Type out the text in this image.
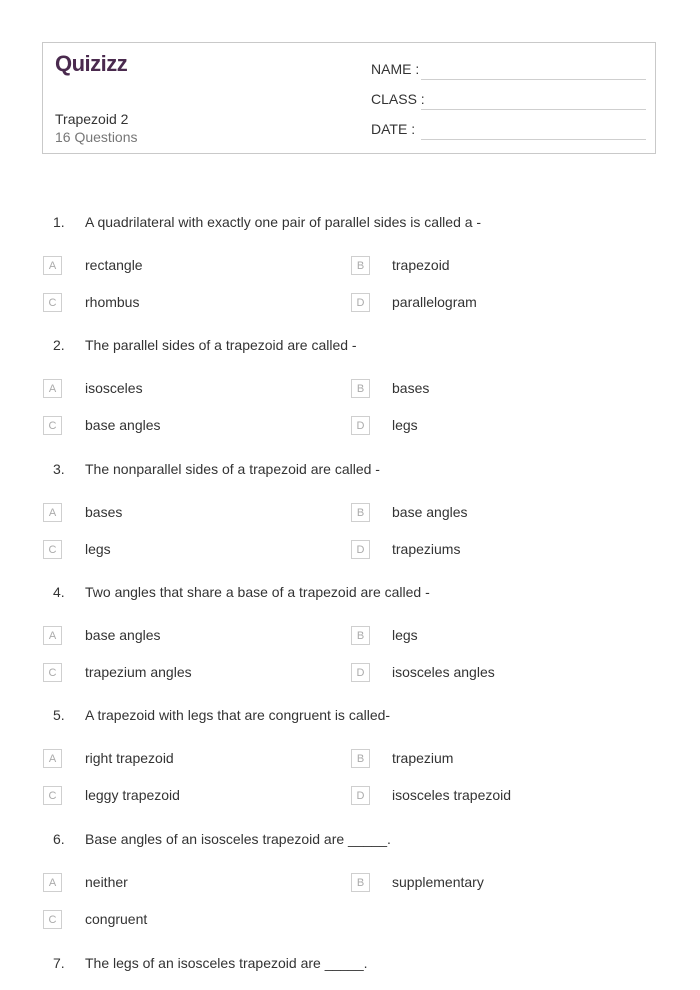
Quizizz
Trapezoid 2
16 Questions
NAME :
CLASS :
DATE :
1. A quadrilateral with exactly one pair of parallel sides is called a -
A	rectangle	B	trapezoid
C	rhombus	D	parallelogram
2. The parallel sides of a trapezoid are called -
A	isosceles	B	bases
C	base angles	D	legs
3. The nonparallel sides of a trapezoid are called -
A	bases	B	base angles
C	legs	D	trapeziums
4. Two angles that share a base of a trapezoid are called -
A	base angles	B	legs
C	trapezium angles	D	isosceles angles
5. A trapezoid with legs that are congruent is called-
A	right trapezoid	B	trapezium
C	leggy trapezoid	D	isosceles trapezoid
6. Base angles of an isosceles trapezoid are _____.
A	neither	B	supplementary
C	congruent
7. The legs of an isosceles trapezoid are _____.
